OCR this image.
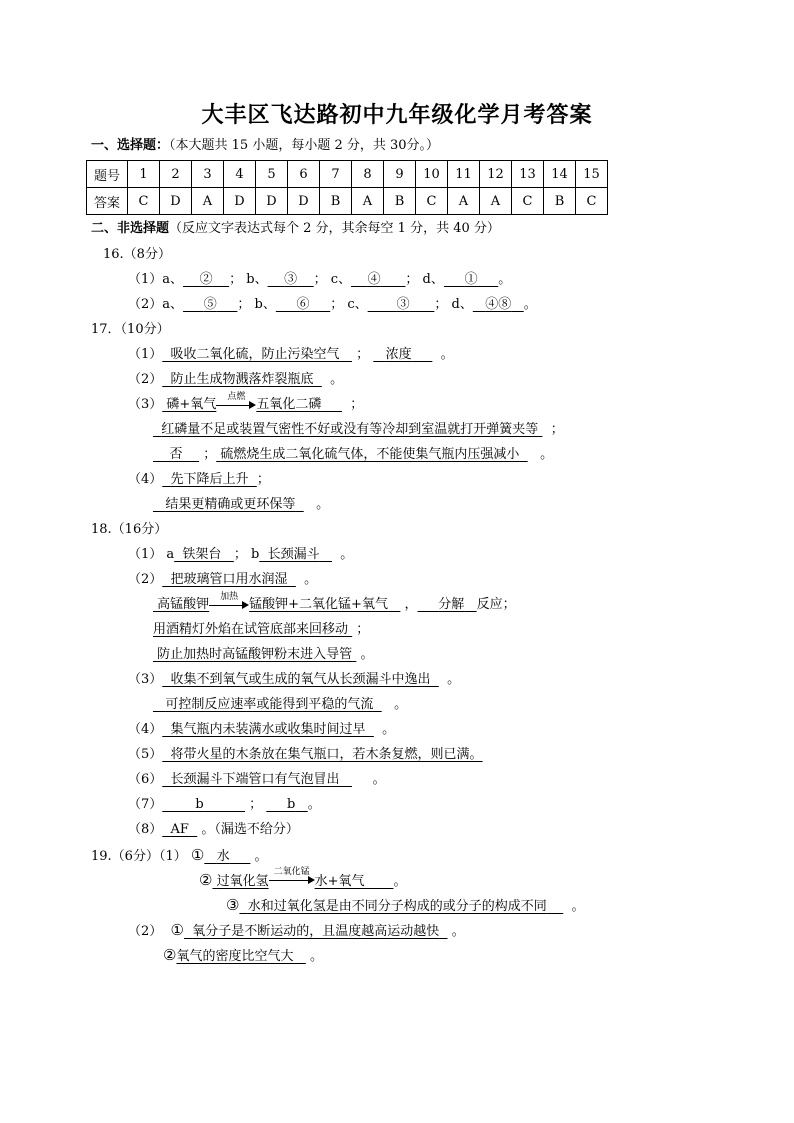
大丰区飞达路初中九年级化学月考答案
一、选择题：（本大题共 15 小题，每小题 2 分，共 30分。）
题号	1	2	3	4	5	6	7	8	9	10	11	12	13	14	15
答案	C	D	A	D	D	D	B	A	B	C	A	A	C	B	C
二、非选择题（反应文字表达式每个 2 分，其余每空 1 分，共 40 分）
16.（8分）
（1）a、 ② ； b、 ③ ； c、 ④ ； d、 ① 。
（2）a、 ⑤ ； b、 ⑥ ； c、 ③ ； d、 ④⑧ 。
17．（10分）
（1） 吸收二氧化硫，防止污染空气 ； 浓度 。
（2） 防止生成物溅落炸裂瓶底 。
（3） 磷+氧气	点燃 五氧化二磷 ；
红磷量不足或装置气密性不好或没有等冷却到室温就打开弹簧夹等 ；
否 ； 硫燃烧生成二氧化硫气体，不能使集气瓶内压强减小 。
（4） 先下降后上升 ；
结果更精确或更环保等 。
18.（16分）
（1） a 铁架台 ； b 长颈漏斗 。
（2） 把玻璃管口用水润湿 。
高锰酸钾	加热 锰酸钾+二氧化锰+氧气 ， 分解 反应；
用酒精灯外焰在试管底部来回移动 ；
防止加热时高锰酸钾粉末进入导管 。
（3） 收集不到氧气或生成的氧气从长颈漏斗中逸出 。
可控制反应速率或能得到平稳的气流 。
（4） 集气瓶内未装满水或收集时间过早 。
（5） 将带火星的木条放在集气瓶口，若木条复燃，则已满。
（6） 长颈漏斗下端管口有气泡冒出	。
（7）	b	； b 。
（8） AF 。（漏选不给分）
19.（6分）（1） ① 水 。
② 过氧化氢
二氧化锰
水+氧气 。
③ 水和过氧化氢是由不同分子构成的或分子的构成不同 。
（2） ① 氧分子是不断运动的，且温度越高运动越快 。
②氧气的密度比空气大 。
